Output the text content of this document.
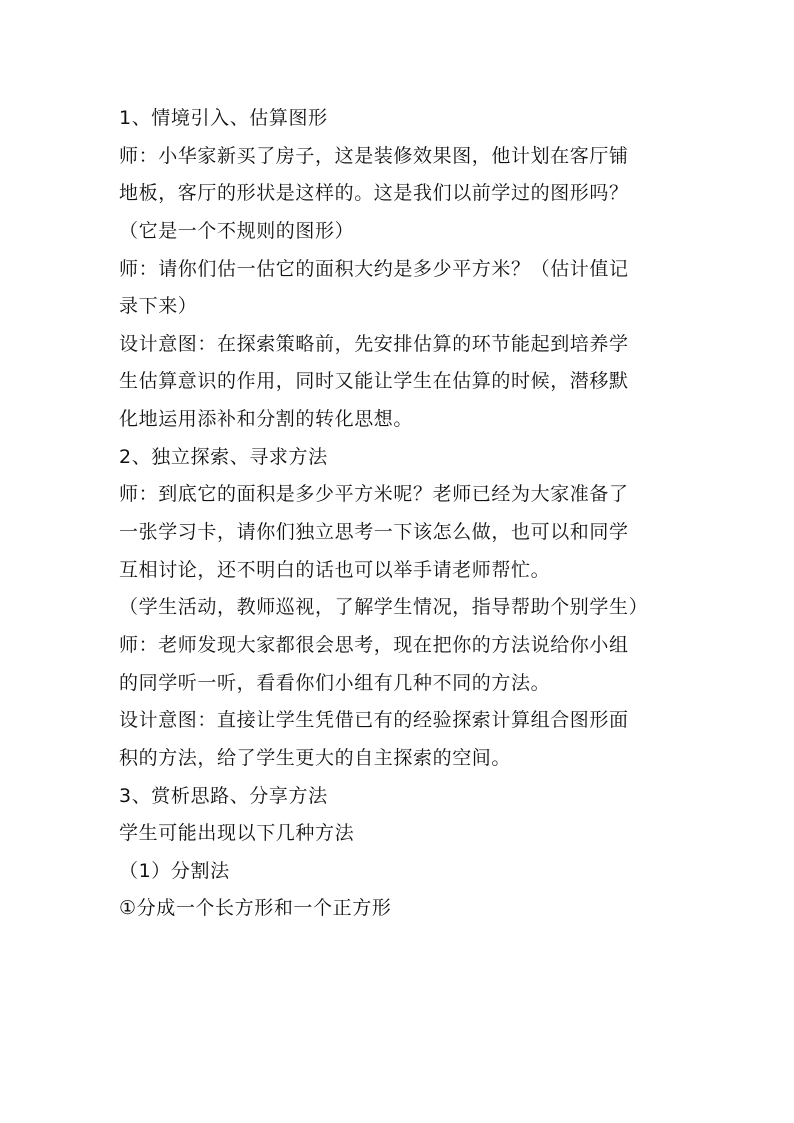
1、情境引入、估算图形
师：小华家新买了房子，这是装修效果图，他计划在客厅铺
地板，客厅的形状是这样的。这是我们以前学过的图形吗？
（它是一个不规则的图形）
师：请你们估一估它的面积大约是多少平方米？（估计值记
录下来）
设计意图：在探索策略前，先安排估算的环节能起到培养学
生估算意识的作用，同时又能让学生在估算的时候，潜移默
化地运用添补和分割的转化思想。
2、独立探索、寻求方法
师：到底它的面积是多少平方米呢？老师已经为大家准备了
一张学习卡，请你们独立思考一下该怎么做，也可以和同学
互相讨论，还不明白的话也可以举手请老师帮忙。
（学生活动，教师巡视，了解学生情况，指导帮助个别学生）
师：老师发现大家都很会思考，现在把你的方法说给你小组
的同学听一听，看看你们小组有几种不同的方法。
设计意图：直接让学生凭借已有的经验探索计算组合图形面
积的方法，给了学生更大的自主探索的空间。
3、赏析思路、分享方法
学生可能出现以下几种方法
（1）分割法
①分成一个长方形和一个正方形
